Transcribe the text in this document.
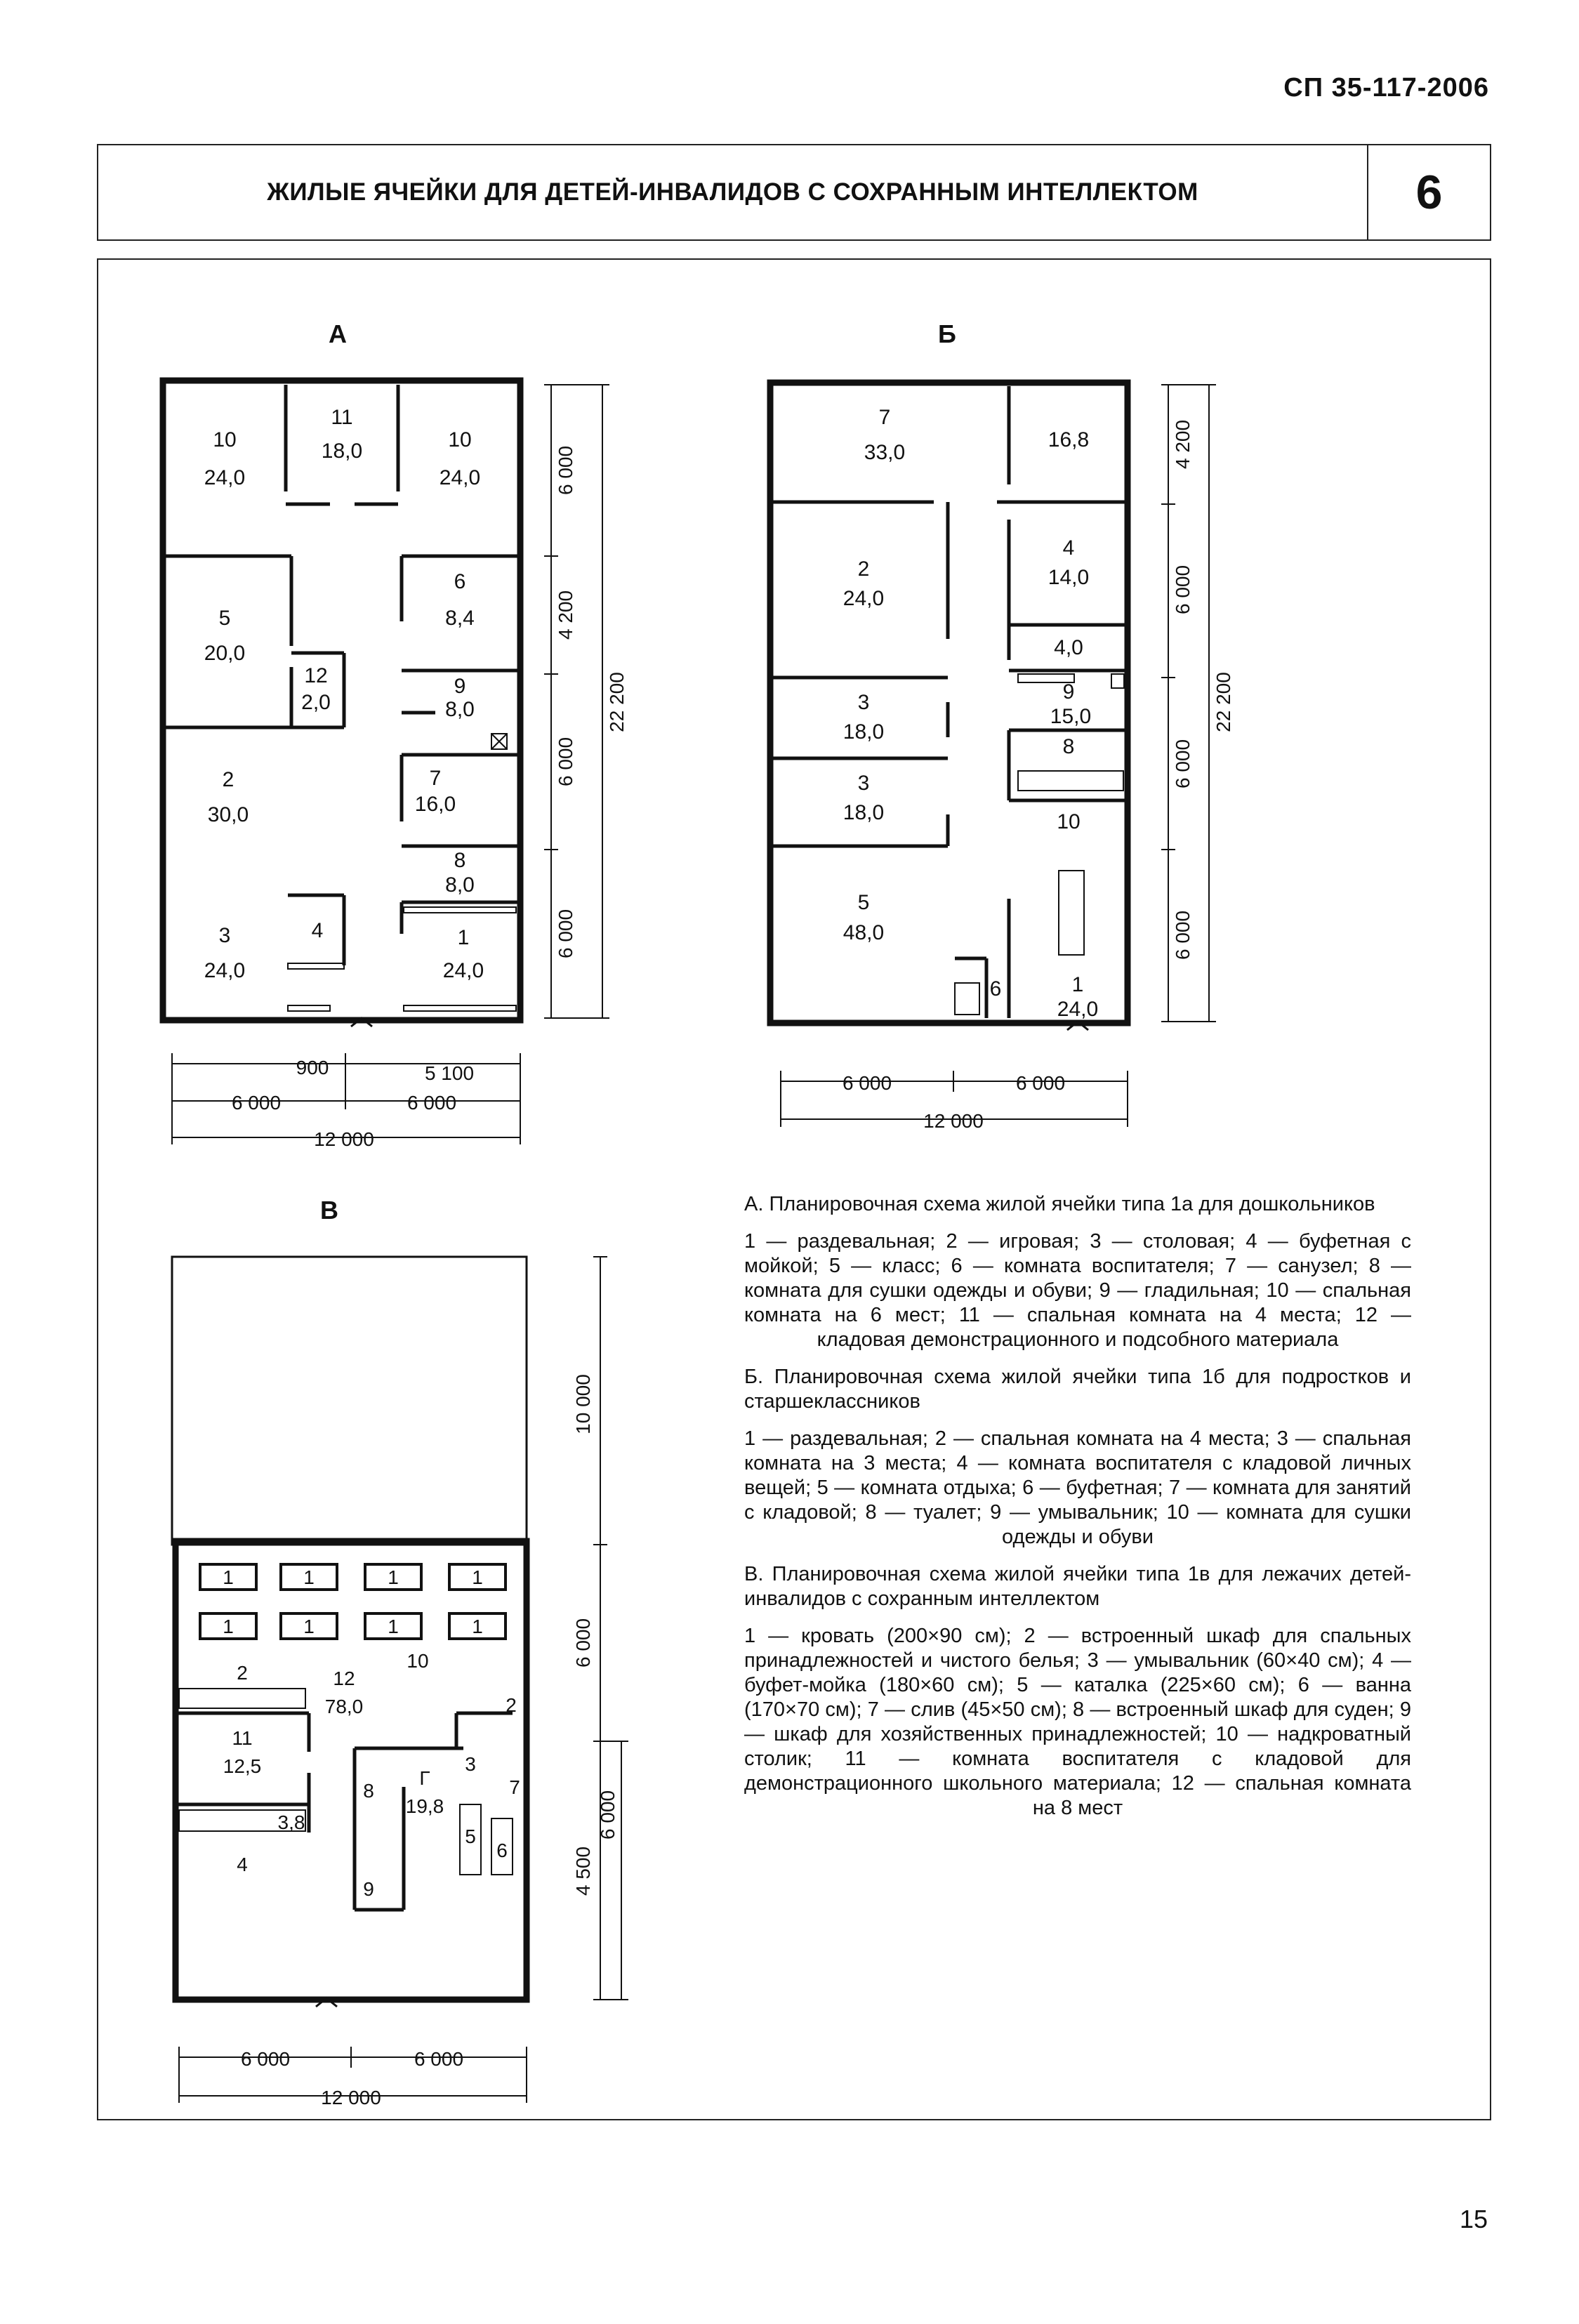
СП 35-117-2006
ЖИЛЫЕ ЯЧЕЙКИ ДЛЯ ДЕТЕЙ-ИНВАЛИДОВ С СОХРАННЫМ ИНТЕЛЛЕКТОМ	6
А	Б
В
10
24,0
11
18,0	10
24,0
5
20,0
6
8,4
12
2,0
9
8,0
2
30,0
7
16,0
8
8,0
3
24,0
4	1
24,0
6 000
4 200
6 000
6 000
22 200
900	5 100
6 000	6 000
12 000
7
33,0
16,8
2
24,0
4
14,0
4,0
9
15,0
3
18,0
8
3
18,0	10
5
48,0
6	1
24,0
4 200
6 000
6 000
6 000
22 200
6 000	6 000
12 000
1	1	1	1
1	1	1	1
10
2	12
78,0	2
11
12,5
3,8
4
8
9
Г
19,8
3
7
5
6
10 000
6 000
4 500
6 000
6 000	6 000
12 000

А. Планировочная схема жилой ячейки типа 1а для дошкольников

1 — раздевальная; 2 — игровая; 3 — столовая; 4 — буфетная с мойкой; 5 — класс; 6 — комната воспитателя; 7 — санузел; 8 — комната для сушки одежды и обуви; 9 — гладильная; 10 — спальная комната на 6 мест; 11 — спальная комната на 4 места; 12 — кладовая демонстрационного и подсобного материала

Б. Планировочная схема жилой ячейки типа 1б для подростков и старшеклассников

1 — раздевальная; 2 — спальная комната на 4 места; 3 — спальная комната на 3 места; 4 — комната воспитателя с кладовой личных вещей; 5 — комната отдыха; 6 — буфетная; 7 — комната для занятий с кладовой; 8 — туалет; 9 — умывальник; 10 — комната для сушки одежды и обуви

В. Планировочная схема жилой ячейки типа 1в для лежачих детей-инвалидов с сохранным интеллектом

1 — кровать (200×90 см); 2 — встроенный шкаф для спальных принадлежностей и чистого белья; 3 — умывальник (60×40 см); 4 — буфет-мойка (180×60 см); 5 — каталка (225×60 см); 6 — ванна (170×70 см); 7 — слив (45×50 см); 8 — встроенный шкаф для суден; 9 — шкаф для хозяйственных принадлежностей; 10 — надкроватный столик; 11 — комната воспитателя с кладовой для демонстрационного школьного материала; 12 — спальная комната на 8 мест

15
